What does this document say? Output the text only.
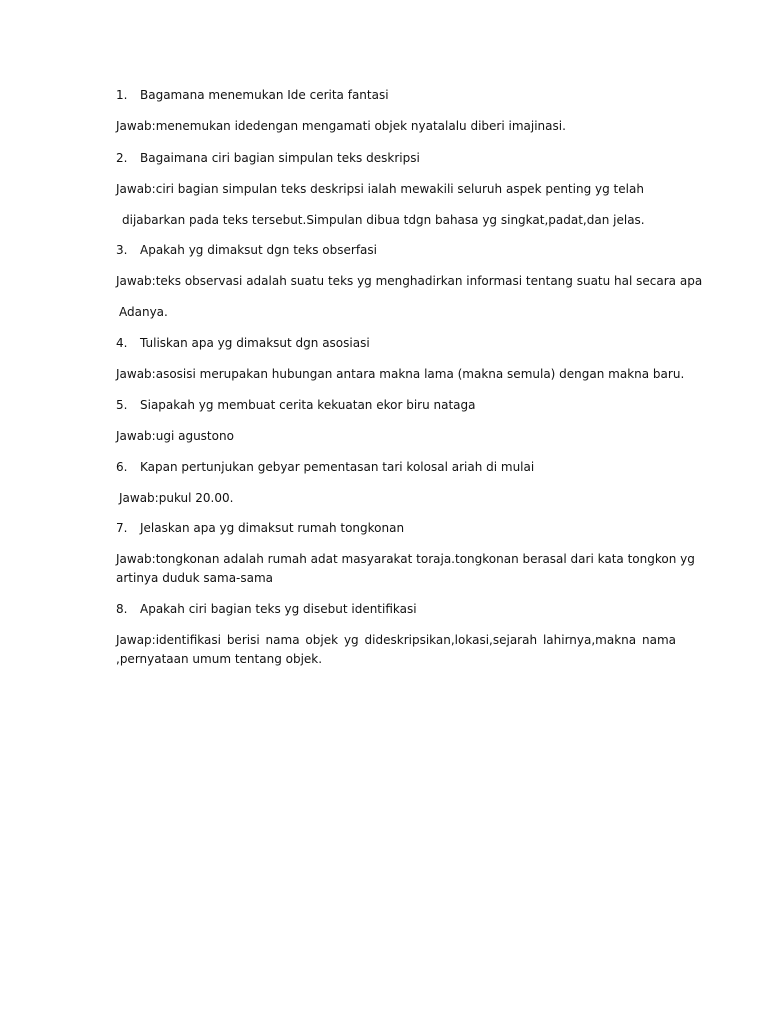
1. Bagamana menemukan Ide cerita fantasi
Jawab:menemukan idedengan mengamati objek nyatalalu diberi imajinasi.
2. Bagaimana ciri bagian simpulan teks deskripsi
Jawab:ciri bagian simpulan teks deskripsi ialah mewakili seluruh aspek penting yg telah
dijabarkan pada teks tersebut.Simpulan dibua tdgn bahasa yg singkat,padat,dan jelas.
3. Apakah yg dimaksut dgn teks obserfasi
Jawab:teks observasi adalah suatu teks yg menghadirkan informasi tentang suatu hal secara apa
Adanya.
4. Tuliskan apa yg dimaksut dgn asosiasi
Jawab:asosisi merupakan hubungan antara makna lama (makna semula) dengan makna baru.
5. Siapakah yg membuat cerita kekuatan ekor biru nataga
Jawab:ugi agustono
6. Kapan pertunjukan gebyar pementasan tari kolosal ariah di mulai
Jawab:pukul 20.00.
7. Jelaskan apa yg dimaksut rumah tongkonan
Jawab:tongkonan adalah rumah adat masyarakat toraja.tongkonan berasal dari kata tongkon yg
artinya duduk sama-sama
8. Apakah ciri bagian teks yg disebut identifikasi
Jawap:identifikasi berisi nama objek yg dideskripsikan,lokasi,sejarah lahirnya,makna nama
,pernyataan umum tentang objek.
